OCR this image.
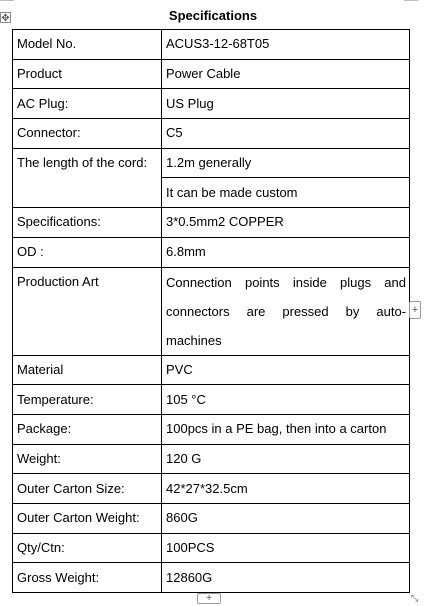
✥	Specifications
Model No.	ACUS3-12-68T05
Product	Power Cable
AC Plug:	US Plug
Connector:	C5
The length of the cord:	1.2m generally
	It can be made custom
Specifications:	3*0.5mm2 COPPER
OD :	6.8mm
Production Art	Connection points inside plugs and connectors are pressed by auto-machines
Material	PVC
Temperature:	105 °C
Package:	100pcs in a PE bag, then into a carton
Weight:	120 G
Outer Carton Size:	42*27*32.5cm
Outer Carton Weight:	860G
Qty/Ctn:	100PCS
Gross Weight:	12860G
+
+	⤡
